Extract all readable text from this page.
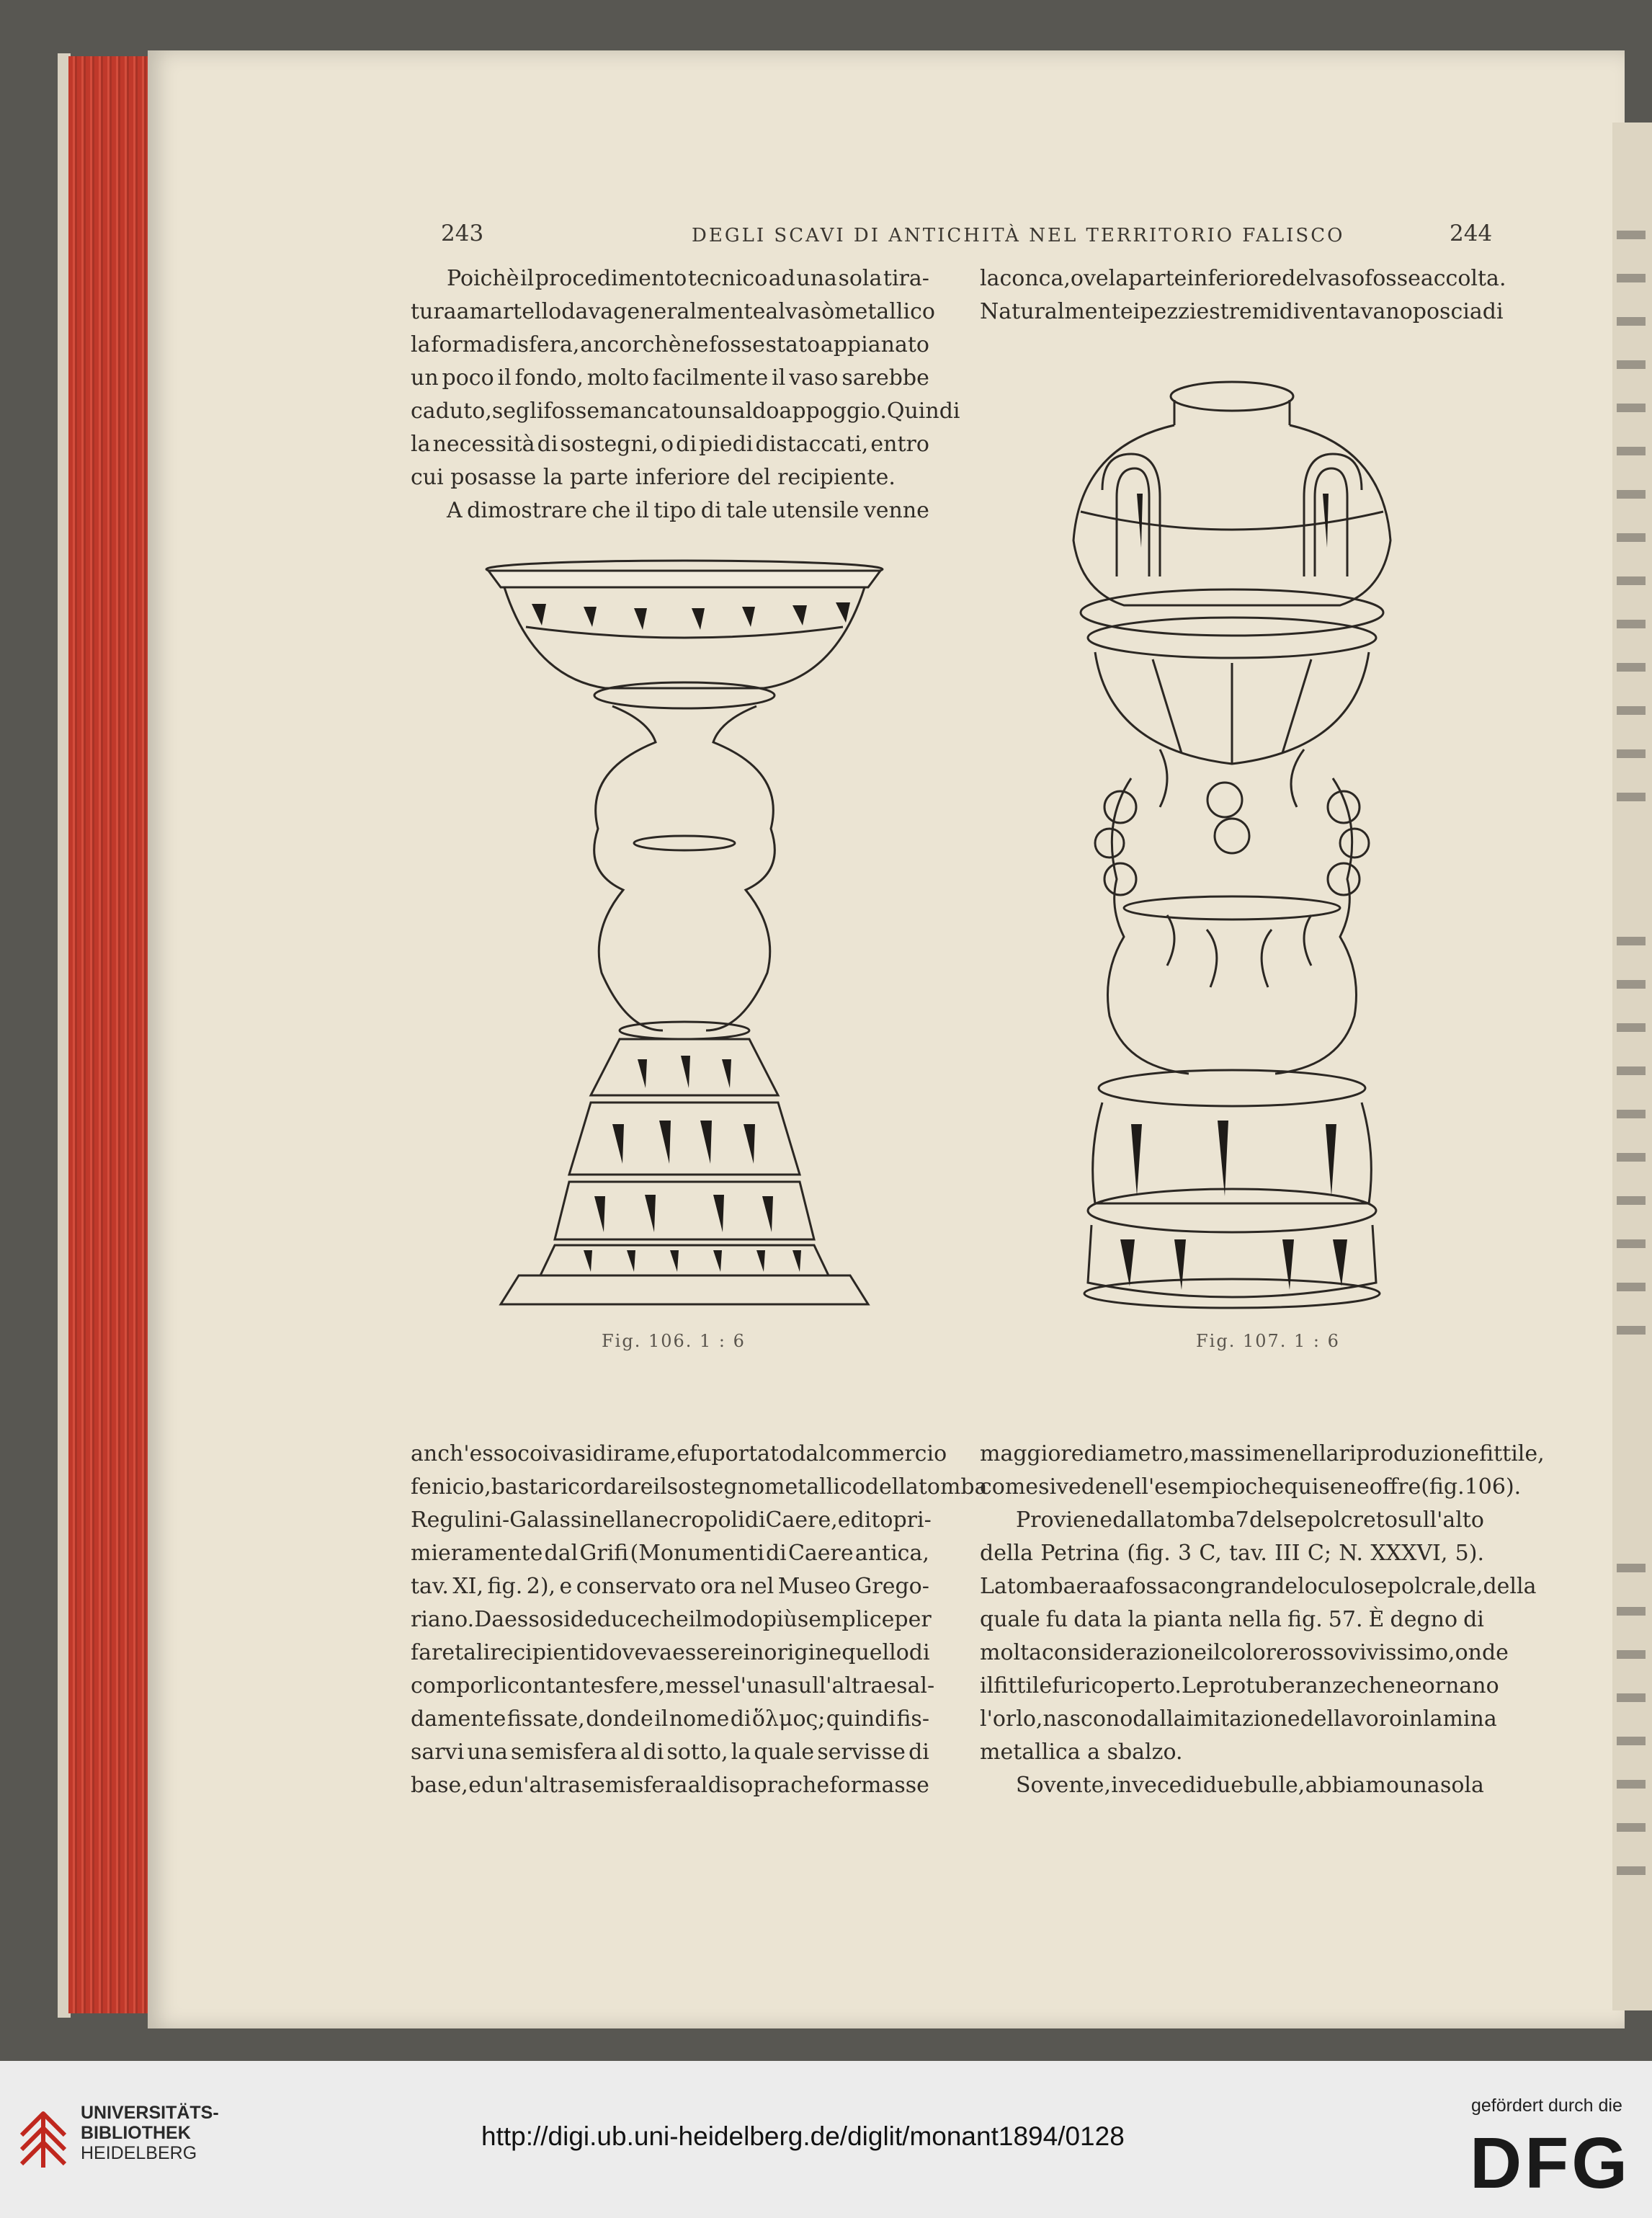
243	DEGLI SCAVI DI ANTICHITÀ NEL TERRITORIO FALISCO	244
Poichè il procedimento tecnico ad una sola tira-
tura a martello dava generalmente al vasò metallico
la forma di sfera, ancorchè ne fosse stato appianato
un poco il fondo, molto facilmente il vaso sarebbe
caduto, se gli fosse mancato un saldo appoggio. Quindi
la necessità di sostegni, o di piedi distaccati, entro
cui posasse la parte inferiore del recipiente.
A dimostrare che il tipo di tale utensile venne
la conca, ove la parte inferiore del vaso fosse accolta.
Naturalmente i pezzi estremi diventavano poscia di
Fig. 106. 1 : 6	Fig. 107. 1 : 6
anch'esso coi vasi di rame, e fu portato dal commercio
fenicio, basta ricordare il sostegno metallico della tomba
Regulini-Galassi nella necropoli di Caere, edito pri-
mieramente dal Grifi (Monumenti di Caere antica,
tav. XI, fig. 2), e conservato ora nel Museo Grego-
riano. Da esso si deduce che il modo più semplice per
fare tali recipienti doveva essere in origine quello di
comporli con tante sfere, messe l'una sull'altra e sal-
damente fissate, donde il nome di ὅλμος; quindi fis-
sarvi una semisfera al di sotto, la quale servisse di
base, ed un'altra semisfera al di sopra che formasse
maggiore diametro, massime nella riproduzione fittile,
come si vede nell'esempio che qui se ne offre (fig. 106).
Proviene dalla tomba 7 del sepolcreto sull'alto
della Petrina (fig. 3 C, tav. III C; N. XXXVI, 5).
La tomba era a fossa con grande loculo sepolcrale, della
quale fu data la pianta nella fig. 57. È degno di
molta considerazione il colore rosso vivissimo, onde
il fittile fu ricoperto. Le protuberanze che ne ornano
l'orlo, nascono dalla imitazione del lavoro in lamina
metallica a sbalzo.
Sovente, invece di due bulle, abbiamo una sola
UNIVERSITÄTS-
BIBLIOTHEK
HEIDELBERG
http://digi.ub.uni-heidelberg.de/diglit/monant1894/0128
gefördert durch die
DFG
